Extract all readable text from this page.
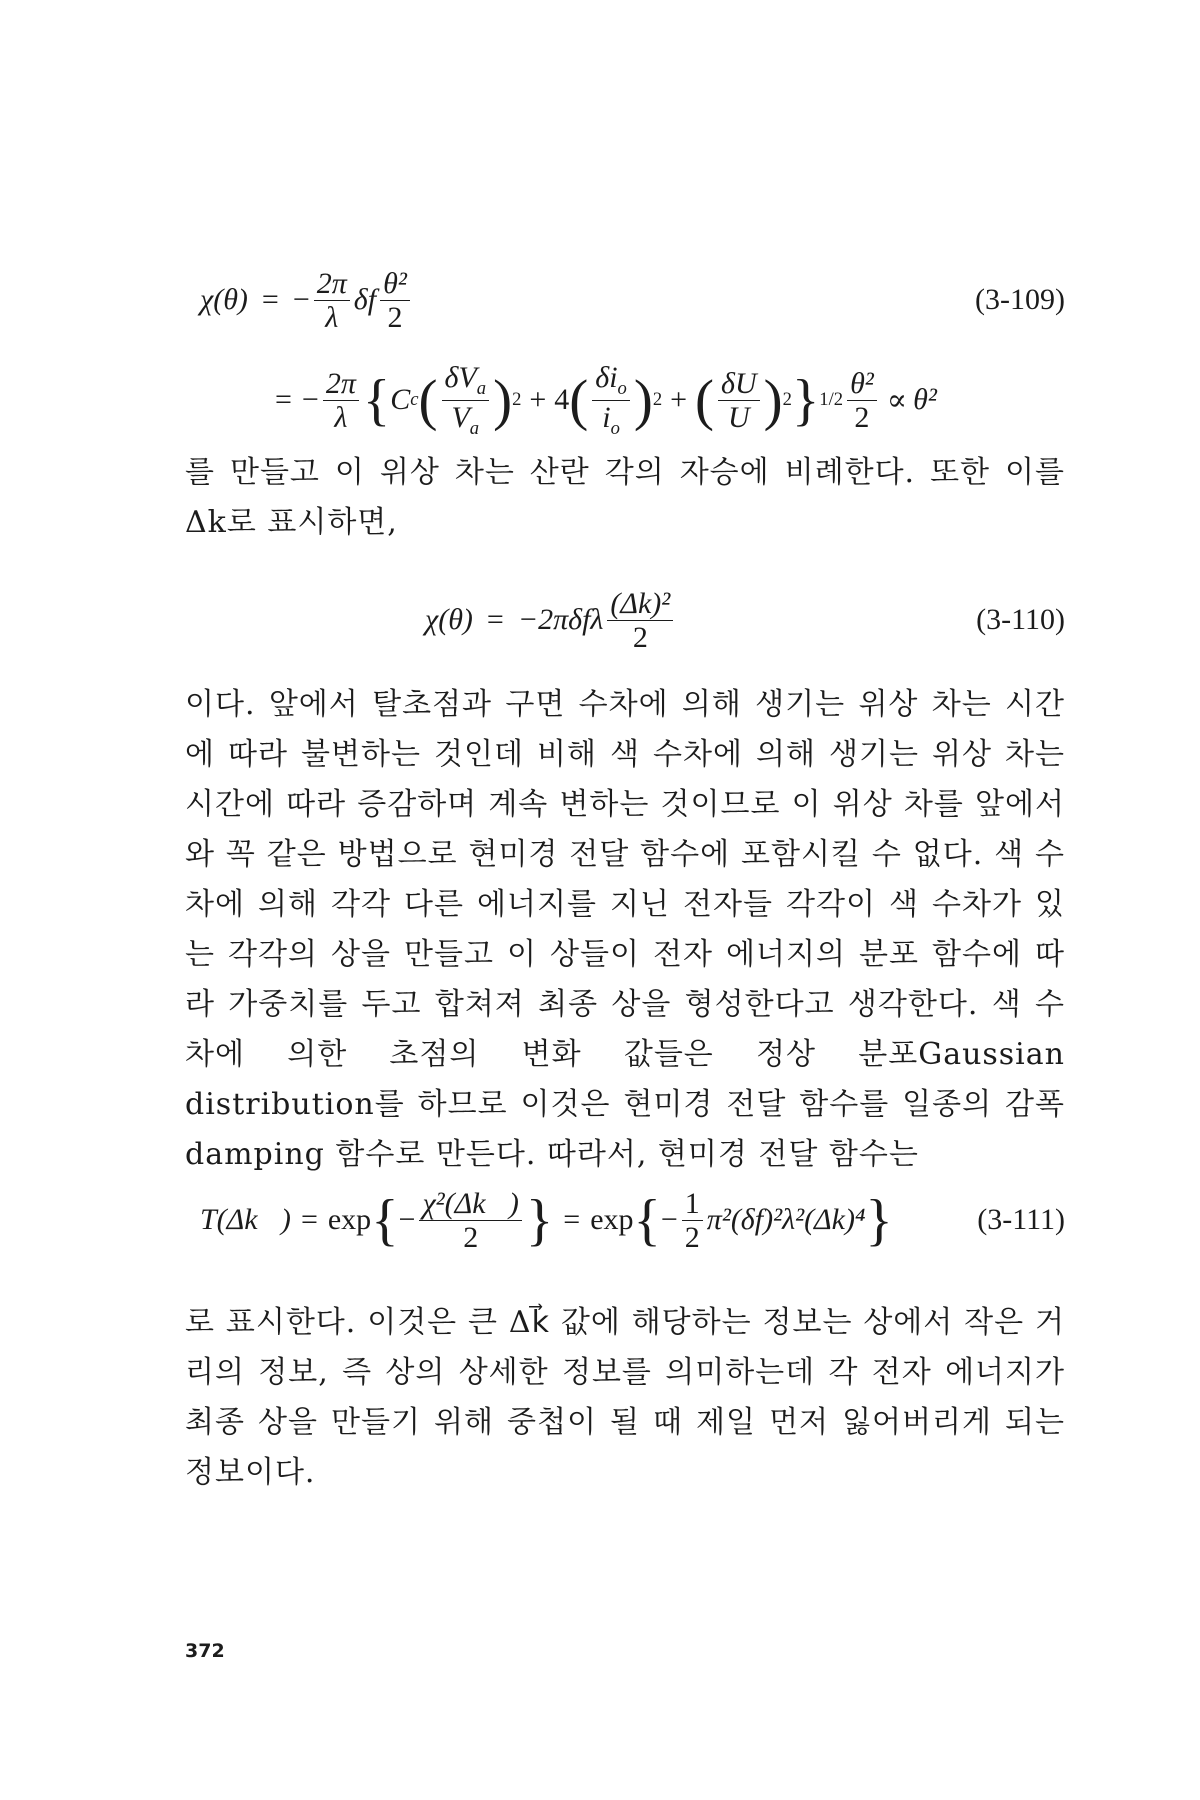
χ(θ) = − $\frac{2\pi}{\lambda}$ δf $\frac{\text{θ²}}{2}$	(3-109)
= − $\frac{2\pi}{\lambda}$ { C c ( $\frac{\delta V_a}{V_a}$ ) 2 + 4 ( $\frac{\delta i_o}{i_o}$ ) 2 + ( $\frac{\delta U}{U}$ ) 2 } $1/2 \frac{\text{θ²}}{2} \propto \theta^2$

를 만들고 이 위상 차는 산란 각의 자승에 비례한다. 또한 이를 Δk로 표시하면,

$\chi(\theta) = -2\pi\delta f\lambda \frac{\text{(Δk)²}}{2}$	(3-110)

이다. 앞에서 탈초점과 구면 수차에 의해 생기는 위상 차는 시간에 따라 불변하는 것인데 비해 색 수차에 의해 생기는 위상 차는 시간에 따라 증감하며 계속 변하는 것이므로 이 위상 차를 앞에서와 꼭 같은 방법으로 현미경 전달 함수에 포함시킬 수 없다. 색 수차에 의해 각각 다른 에너지를 지닌 전자들 각각이 색 수차가 있는 각각의 상을 만들고 이 상들이 전자 에너지의 분포 함수에 따라 가중치를 두고 합쳐져 최종 상을 형성한다고 생각한다. 색 수차에 의한 초점의 변화 값들은 정상 분포Gaussian distribution를 하므로 이것은 현미경 전달 함수를 일종의 감폭damping 함수로 만든다. 따라서, 현미경 전달 함수는

T(Δk⃗) = exp { − $\frac{\text{χ²(Δk⃗)}}{2}$ } = exp { − $\frac{1}{2} \pi^2(\delta f)^2\lambda^2(\Delta k)^4$ }	(3-111)

로 표시한다. 이것은 큰 Δk⃗ 값에 해당하는 정보는 상에서 작은 거리의 정보, 즉 상의 상세한 정보를 의미하는데 각 전자 에너지가 최종 상을 만들기 위해 중첩이 될 때 제일 먼저 잃어버리게 되는 정보이다.

372
